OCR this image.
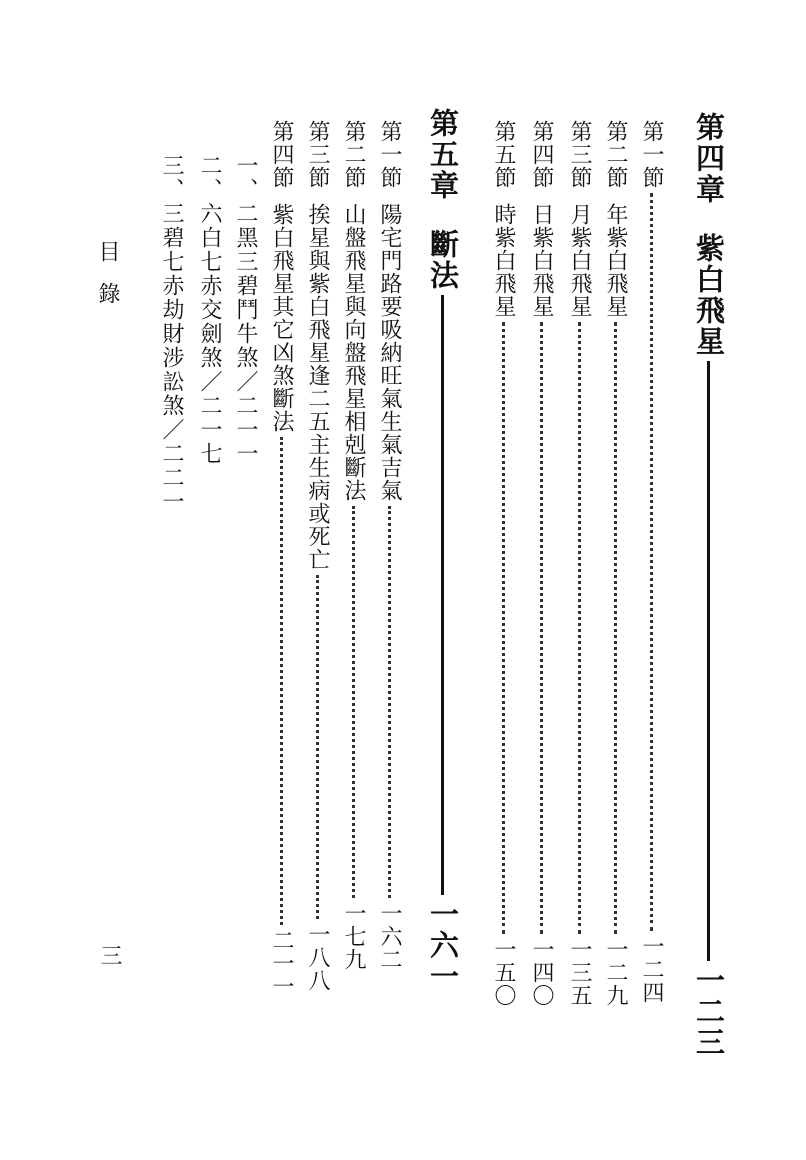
第四章
紫白飛星
一二三
第一節
一二四
第二節
年紫白飛星
一二九
第三節
月紫白飛星
一三五
第四節
日紫白飛星
一四〇
第五節
時紫白飛星
一五〇
第五章
斷法
一六一
第一節
陽宅門路要吸納旺氣生氣吉氣
一六二
第二節
山盤飛星與向盤飛星相剋斷法
一七九
第三節
挨星與紫白飛星逢二五主生病或死亡
一八八
第四節
紫白飛星其它凶煞斷法
二一一
一、二黑三碧鬥牛煞／二一一
二、六白七赤交劍煞／二一七
三、三碧七赤劫財涉訟煞／二二一
目錄
三
